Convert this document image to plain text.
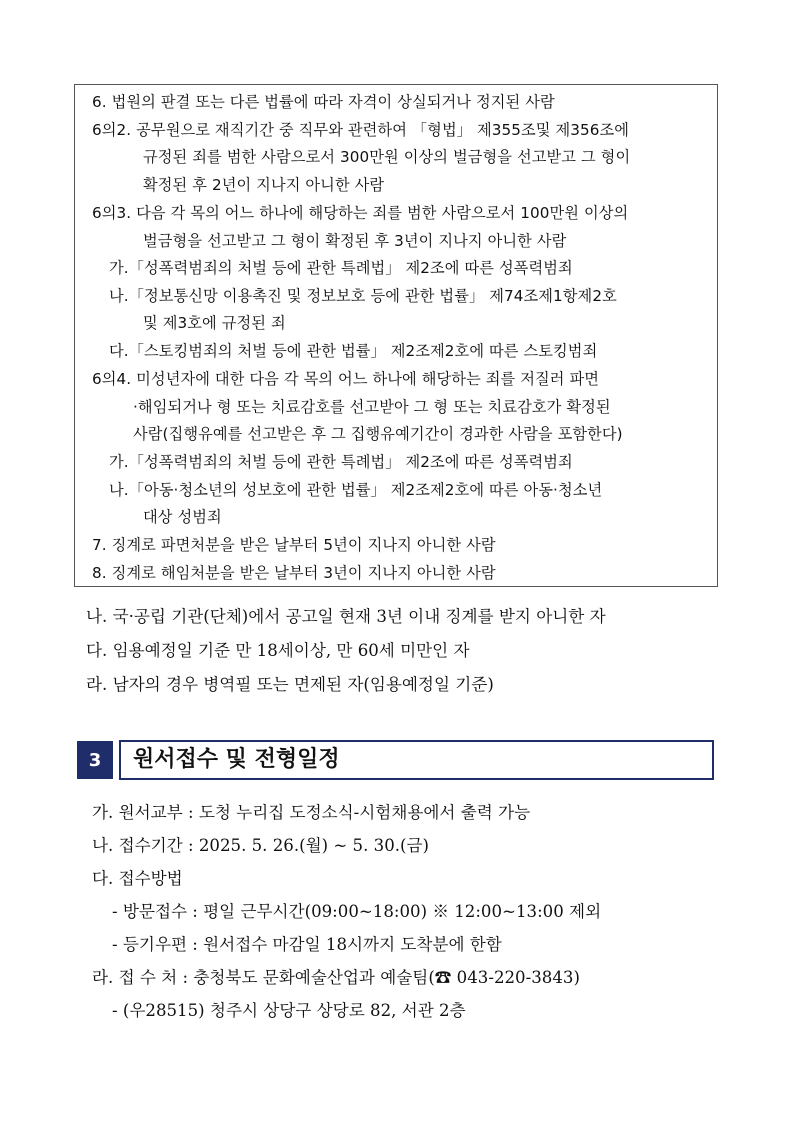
6. 법원의 판결 또는 다른 법률에 따라 자격이 상실되거나 정지된 사람
6의2. 공무원으로 재직기간 중 직무와 관련하여 「형법」 제355조및 제356조에
규정된 죄를 범한 사람으로서 300만원 이상의 벌금형을 선고받고 그 형이
확정된 후 2년이 지나지 아니한 사람
6의3. 다음 각 목의 어느 하나에 해당하는 죄를 범한 사람으로서 100만원 이상의
벌금형을 선고받고 그 형이 확정된 후 3년이 지나지 아니한 사람
가.「성폭력범죄의 처벌 등에 관한 특례법」 제2조에 따른 성폭력범죄
나.「정보통신망 이용촉진 및 정보보호 등에 관한 법률」 제74조제1항제2호
및 제3호에 규정된 죄
다.「스토킹범죄의 처벌 등에 관한 법률」 제2조제2호에 따른 스토킹범죄
6의4. 미성년자에 대한 다음 각 목의 어느 하나에 해당하는 죄를 저질러 파면
·해임되거나 형 또는 치료감호를 선고받아 그 형 또는 치료감호가 확정된
사람(집행유예를 선고받은 후 그 집행유예기간이 경과한 사람을 포함한다)
가.「성폭력범죄의 처벌 등에 관한 특례법」 제2조에 따른 성폭력범죄
나.「아동·청소년의 성보호에 관한 법률」 제2조제2호에 따른 아동·청소년
대상 성범죄
7. 징계로 파면처분을 받은 날부터 5년이 지나지 아니한 사람
8. 징계로 해임처분을 받은 날부터 3년이 지나지 아니한 사람
나. 국·공립 기관(단체)에서 공고일 현재 3년 이내 징계를 받지 아니한 자
다. 임용예정일 기준 만 18세이상, 만 60세 미만인 자
라. 남자의 경우 병역필 또는 면제된 자(임용예정일 기준)
3	원서접수 및 전형일정
가. 원서교부 : 도청 누리집 도정소식-시험채용에서 출력 가능
나. 접수기간 : 2025. 5. 26.(월) ~ 5. 30.(금)
다. 접수방법
- 방문접수 : 평일 근무시간(09:00~18:00) ※ 12:00~13:00 제외
- 등기우편 : 원서접수 마감일 18시까지 도착분에 한함
라. 접 수 처 : 충청북도 문화예술산업과 예술팀(☎ 043-220-3843)
- (우28515) 청주시 상당구 상당로 82, 서관 2층
